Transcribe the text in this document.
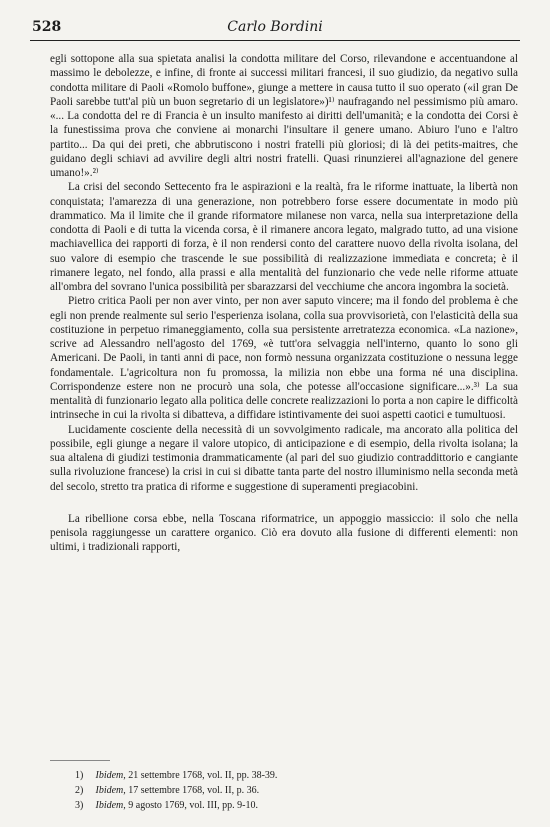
528	Carlo Bordini

egli sottopone alla sua spietata analisi la condotta militare del Corso, rilevandone e accentuandone al massimo le debolezze, e infine, di fronte ai successi militari francesi, il suo giudizio, da negativo sulla condotta militare di Paoli «Romolo buffone», giunge a mettere in causa tutto il suo operato («il gran De Paoli sarebbe tutt'al più un buon segretario di un legislatore»)¹⁾ naufragando nel pessimismo più amaro. «... La condotta del re di Francia è un insulto manifesto ai diritti dell'umanità; e la condotta dei Corsi è la funestissima prova che conviene ai monarchi l'insultare il genere umano. Abiuro l'uno e l'altro partito... Da qui dei preti, che abbrutiscono i nostri fratelli più gloriosi; di là dei petits-maitres, che guidano degli schiavi ad avvilire degli altri nostri fratelli. Quasi rinunzierei all'agnazione del genere umano!».²⁾

La crisi del secondo Settecento fra le aspirazioni e la realtà, fra le riforme inattuate, la libertà non conquistata; l'amarezza di una generazione, non potrebbero forse essere documentate in modo più drammatico. Ma il limite che il grande riformatore milanese non varca, nella sua interpretazione della condotta di Paoli e di tutta la vicenda corsa, è il rimanere ancora legato, malgrado tutto, ad una visione machiavellica dei rapporti di forza, è il non rendersi conto del carattere nuovo della rivolta isolana, del suo valore di esempio che trascende le sue possibilità di realizzazione immediata e concreta; è il rimanere legato, nel fondo, alla prassi e alla mentalità del funzionario che vede nelle riforme attuate all'ombra del sovrano l'unica possibilità per sbarazzarsi del vecchiume che ancora ingombra la società.

Pietro critica Paoli per non aver vinto, per non aver saputo vincere; ma il fondo del problema è che egli non prende realmente sul serio l'esperienza isolana, colla sua provvisorietà, con l'elasticità della sua costituzione in perpetuo rimaneggiamento, colla sua persistente arretratezza economica. «La nazione», scrive ad Alessandro nell'agosto del 1769, «è tutt'ora selvaggia nell'interno, quanto lo sono gli Americani. De Paoli, in tanti anni di pace, non formò nessuna organizzata costituzione o nessuna legge fondamentale. L'agricoltura non fu promossa, la milizia non ebbe una forma né una disciplina. Corrispondenze estere non ne procurò una sola, che potesse all'occasione significare...».³⁾ La sua mentalità di funzionario legato alla politica delle concrete realizzazioni lo porta a non capire le difficoltà intrinseche in cui la rivolta si dibatteva, a diffidare istintivamente dei suoi aspetti caotici e tumultuosi.

Lucidamente cosciente della necessità di un sovvolgimento radicale, ma ancorato alla politica del possibile, egli giunge a negare il valore utopico, di anticipazione e di esempio, della rivolta isolana; la sua altalena di giudizi testimonia drammaticamente (al pari del suo giudizio contraddittorio e cangiante sulla rivoluzione francese) la crisi in cui si dibatte tanta parte del nostro illuminismo nella seconda metà del secolo, stretto tra pratica di riforme e suggestione di superamenti pregiacobini.

La ribellione corsa ebbe, nella Toscana riformatrice, un appoggio massiccio: il solo che nella penisola raggiungesse un carattere organico. Ciò era dovuto alla fusione di differenti elementi: non ultimi, i tradizionali rapporti,

1) Ibidem, 21 settembre 1768, vol. II, pp. 38-39.
2) Ibidem, 17 settembre 1768, vol. II, p. 36.
3) Ibidem, 9 agosto 1769, vol. III, pp. 9-10.
